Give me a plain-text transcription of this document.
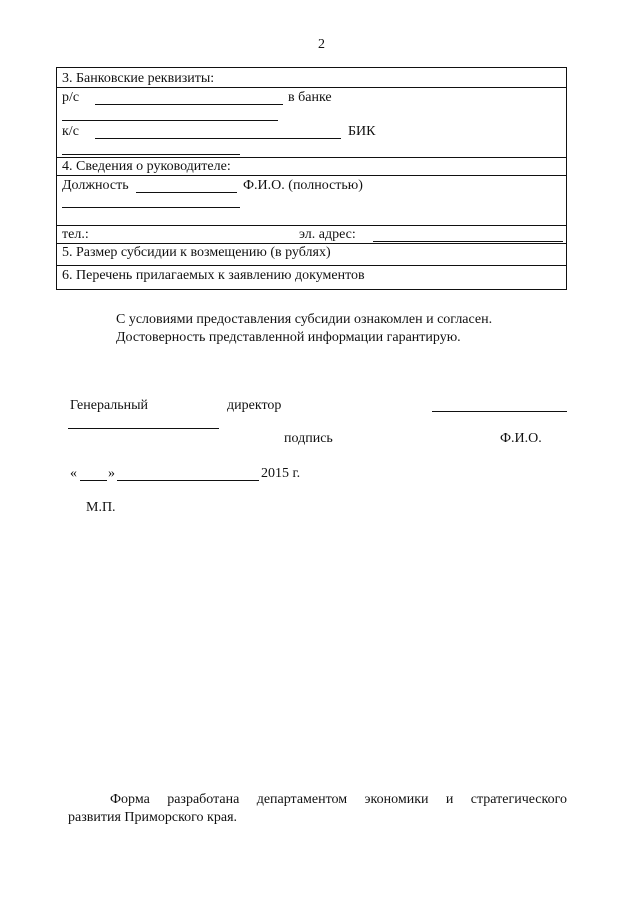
2
3. Банковские реквизиты:
р/с	в банке
к/с	БИК
4. Сведения о руководителе:
Должность	Ф.И.О. (полностью)
тел.:	эл. адрес:
5. Размер субсидии к возмещению (в рублях)
6. Перечень прилагаемых к заявлению документов
С условиями предоставления субсидии ознакомлен и согласен.
Достоверность представленной информации гарантирую.
Генеральный	директор
подпись	Ф.И.О.
« »	2015 г.
М.П.
Форма разработана департаментом экономики и стратегического
развития Приморского края.
